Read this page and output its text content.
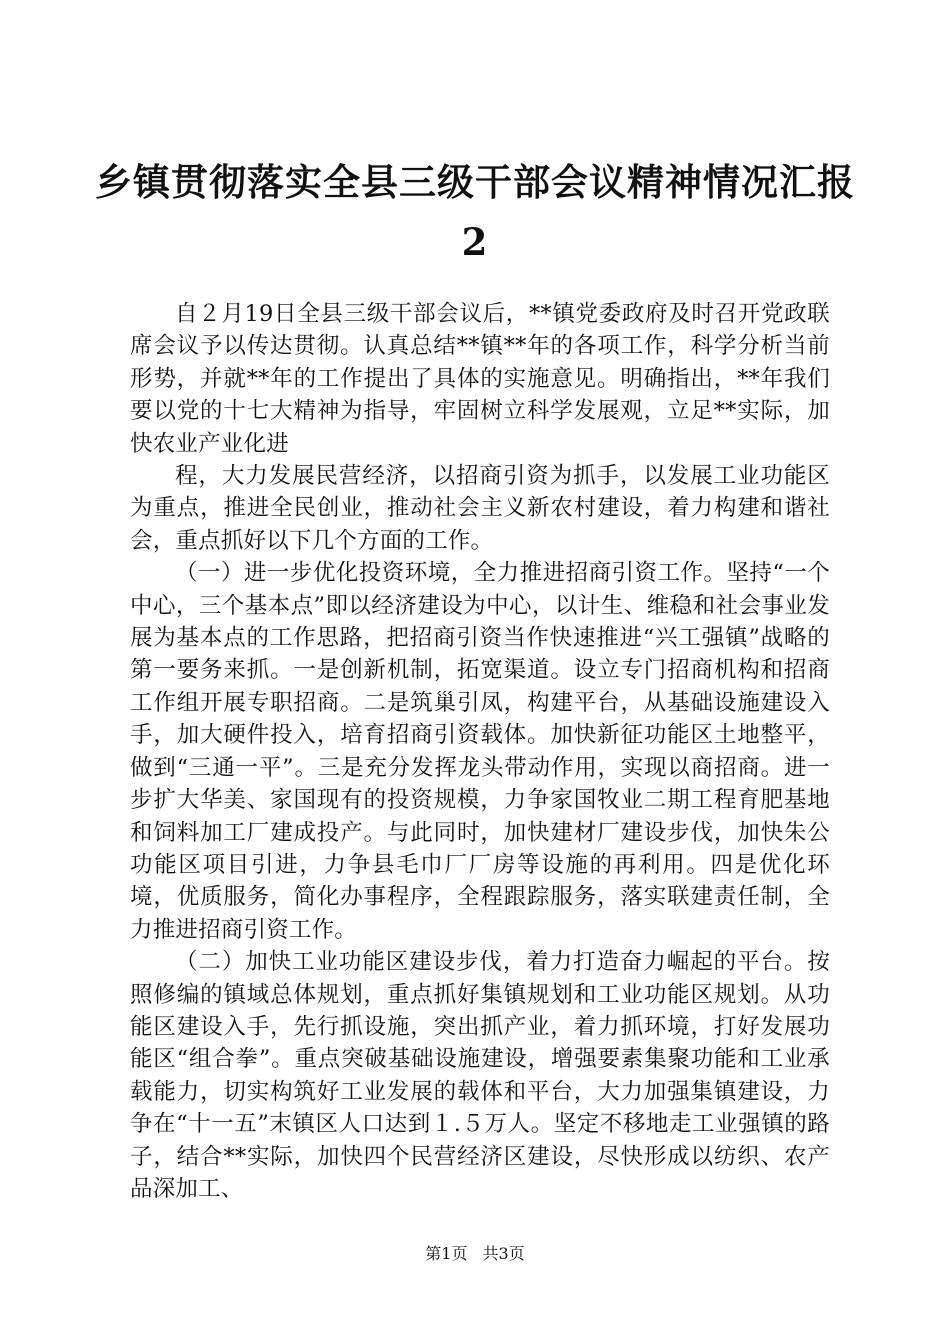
乡镇贯彻落实全县三级干部会议精神情况汇报
2

自２月19日全县三级干部会议后，**镇党委政府及时召开党政联席会议予以传达贯彻。认真总结**镇**年的各项工作，科学分析当前形势，并就**年的工作提出了具体的实施意见。明确指出，**年我们要以党的十七大精神为指导，牢固树立科学发展观，立足**实际，加快农业产业化进

程，大力发展民营经济，以招商引资为抓手，以发展工业功能区为重点，推进全民创业，推动社会主义新农村建设，着力构建和谐社会，重点抓好以下几个方面的工作。

（一）进一步优化投资环境，全力推进招商引资工作。坚持“一个中心，三个基本点”即以经济建设为中心，以计生、维稳和社会事业发展为基本点的工作思路，把招商引资当作快速推进“兴工强镇”战略的第一要务来抓。一是创新机制，拓宽渠道。设立专门招商机构和招商工作组开展专职招商。二是筑巢引凤，构建平台，从基础设施建设入手，加大硬件投入，培育招商引资载体。加快新征功能区土地整平，做到“三通一平”。三是充分发挥龙头带动作用，实现以商招商。进一步扩大华美、家国现有的投资规模，力争家国牧业二期工程育肥基地和饲料加工厂建成投产。与此同时，加快建材厂建设步伐，加快朱公功能区项目引进，力争县毛巾厂厂房等设施的再利用。四是优化环境，优质服务，简化办事程序，全程跟踪服务，落实联建责任制，全力推进招商引资工作。

（二）加快工业功能区建设步伐，着力打造奋力崛起的平台。按照修编的镇域总体规划，重点抓好集镇规划和工业功能区规划。从功能区建设入手，先行抓设施，突出抓产业，着力抓环境，打好发展功能区“组合拳”。重点突破基础设施建设，增强要素集聚功能和工业承载能力，切实构筑好工业发展的载体和平台，大力加强集镇建设，力争在“十一五”末镇区人口达到１.５万人。坚定不移地走工业强镇的路子，结合**实际，加快四个民营经济区建设，尽快形成以纺织、农产品深加工、

第1页 共3页
